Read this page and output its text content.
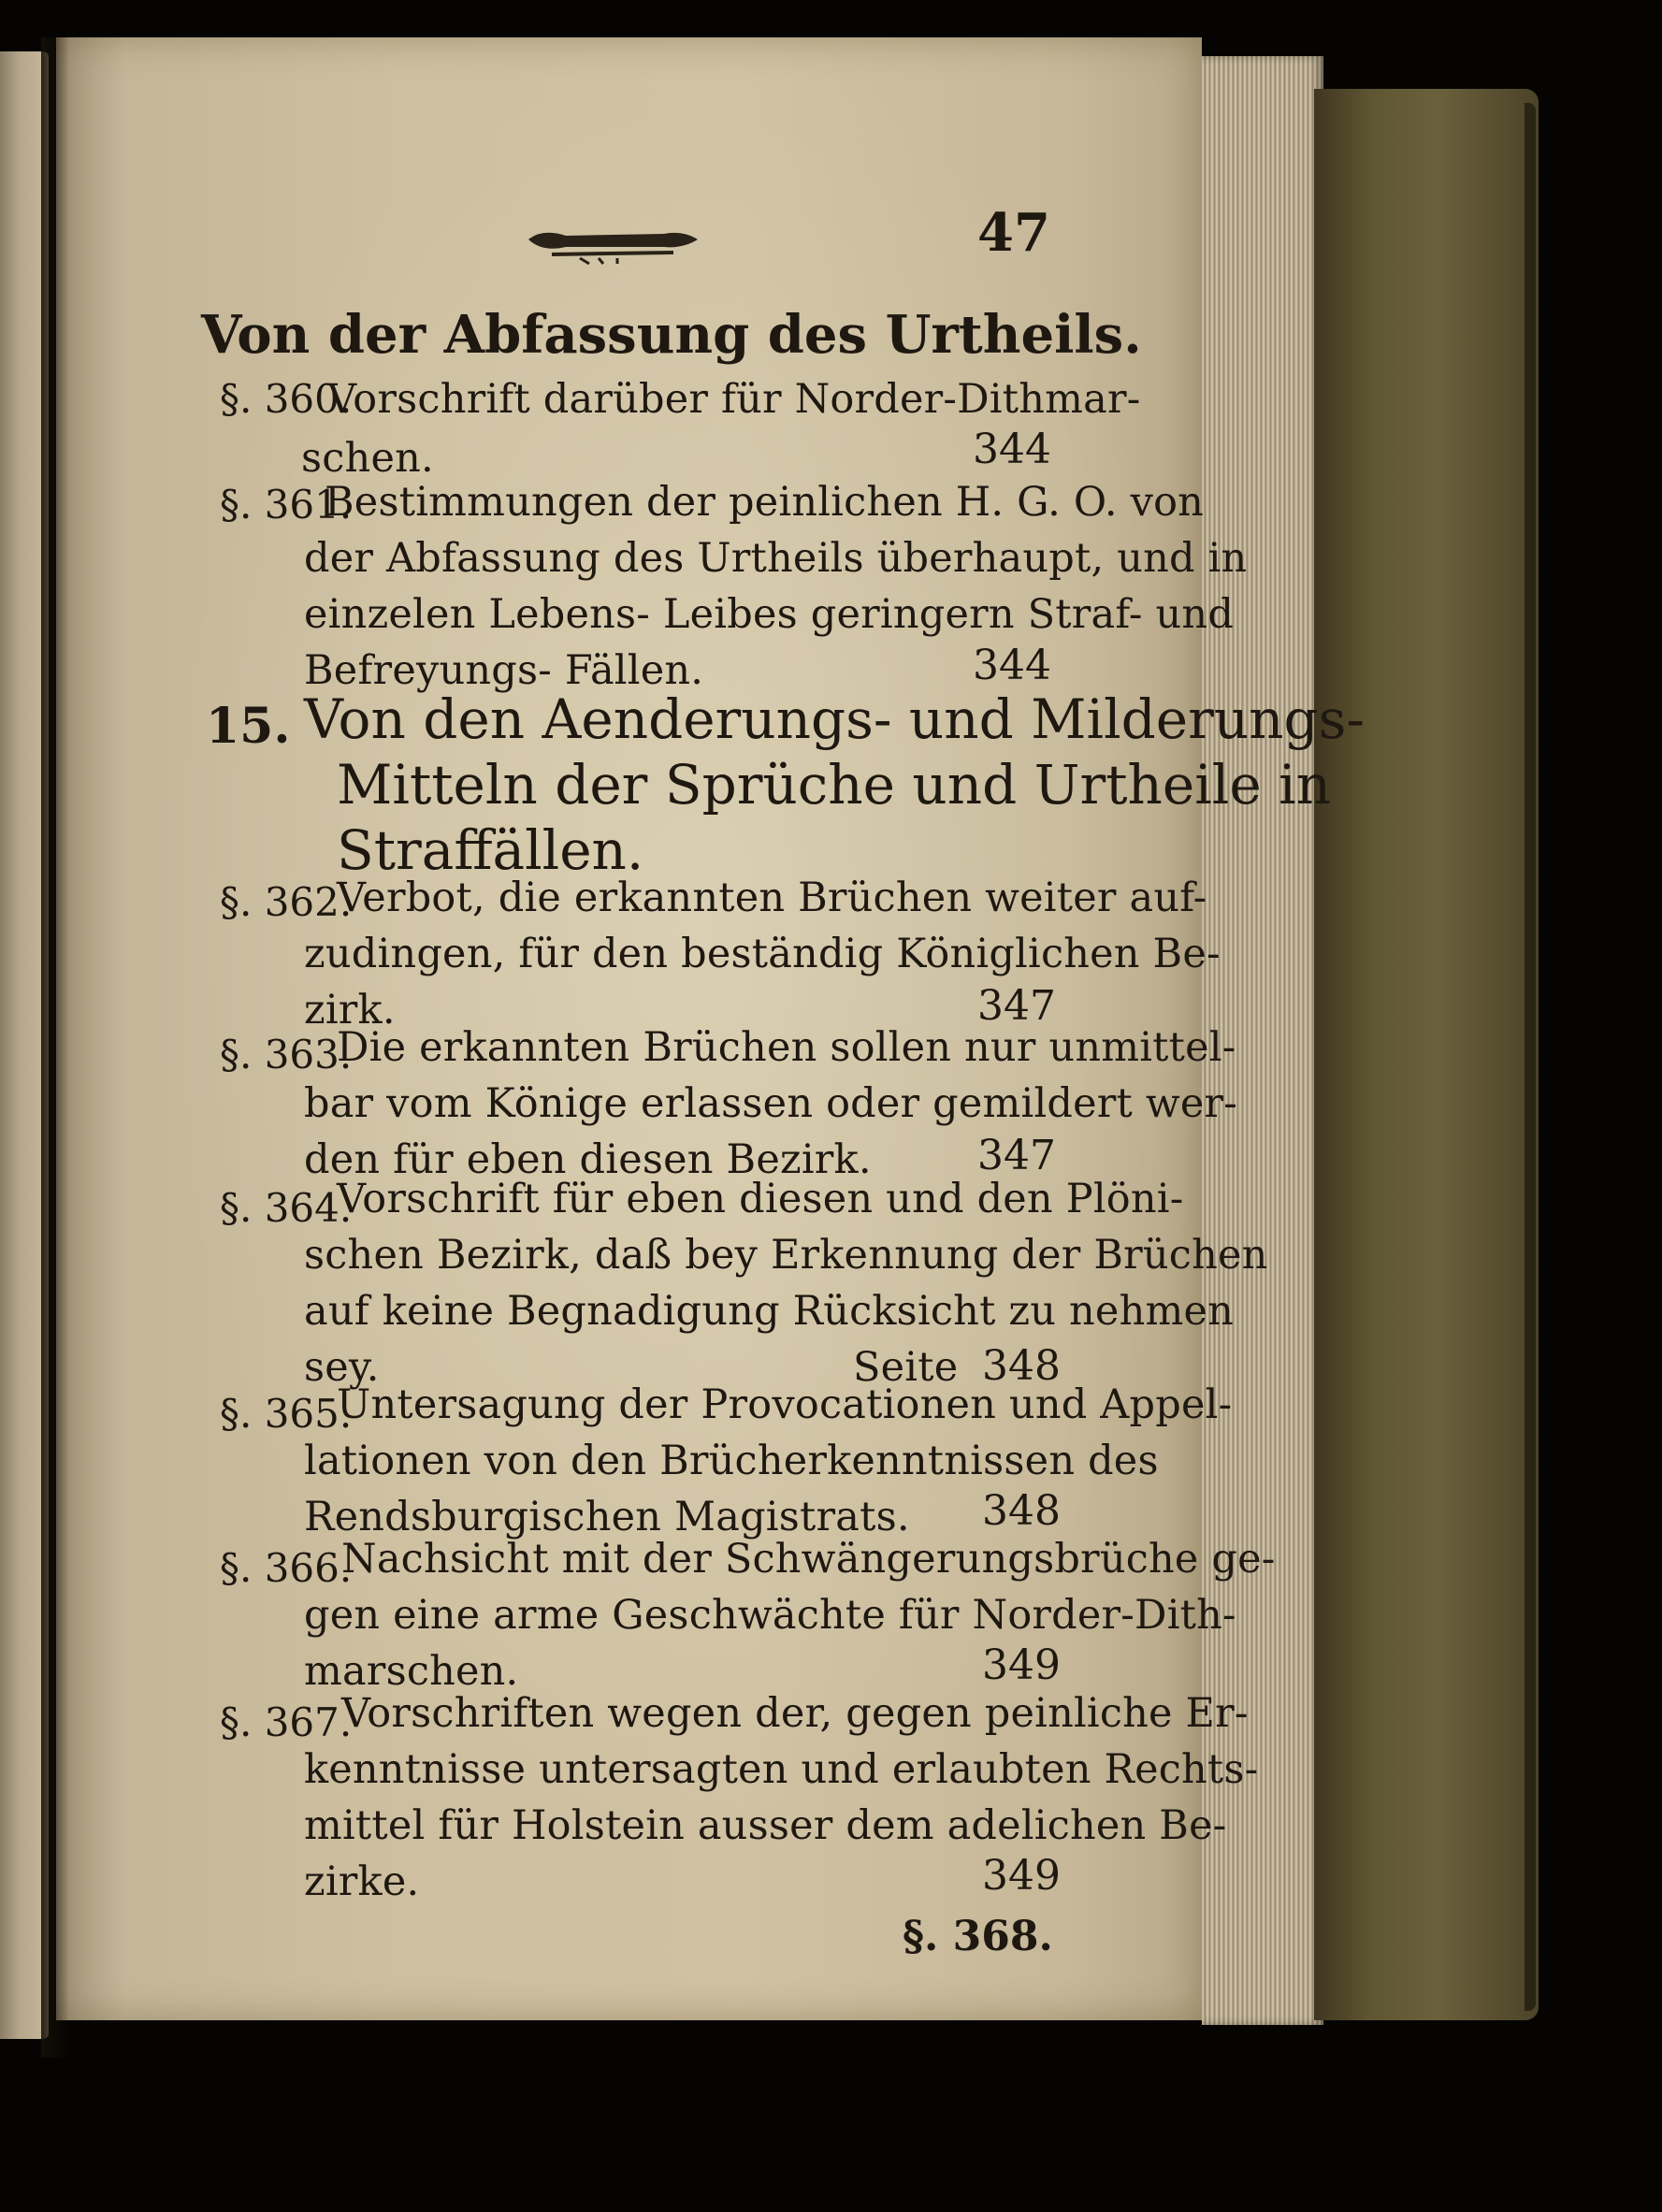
47
Von der Abfassung des Urtheils.
§. 360.
Vorschrift darüber für Norder-Dithmar-
schen.	344
§. 361.
Bestimmungen der peinlichen H. G. O. von
der Abfassung des Urtheils überhaupt, und in
einzelen Lebens- Leibes geringern Straf- und
Befreyungs- Fällen.	344
15. Von den Aenderungs- und Milderungs-
Mitteln der Sprüche und Urtheile in
Straffällen.
§. 362.
Verbot, die erkannten Brüchen weiter auf-
zudingen, für den beständig Königlichen Be-
zirk.	347
§. 363.
Die erkannten Brüchen sollen nur unmittel-
bar vom Könige erlassen oder gemildert wer-
den für eben diesen Bezirk.	347
§. 364.
Vorschrift für eben diesen und den Plöni-
schen Bezirk, daß bey Erkennung der Brüchen
auf keine Begnadigung Rücksicht zu nehmen
sey.	Seite 348
§. 365.
Untersagung der Provocationen und Appel-
lationen von den Brücherkenntnissen des
Rendsburgischen Magistrats. 348
§. 366.
Nachsicht mit der Schwängerungsbrüche ge-
gen eine arme Geschwächte für Norder-Dith-
marschen.	349
§. 367.
Vorschriften wegen der, gegen peinliche Er-
kenntnisse untersagten und erlaubten Rechts-
mittel für Holstein ausser dem adelichen Be-
zirke.	349
§. 368.
